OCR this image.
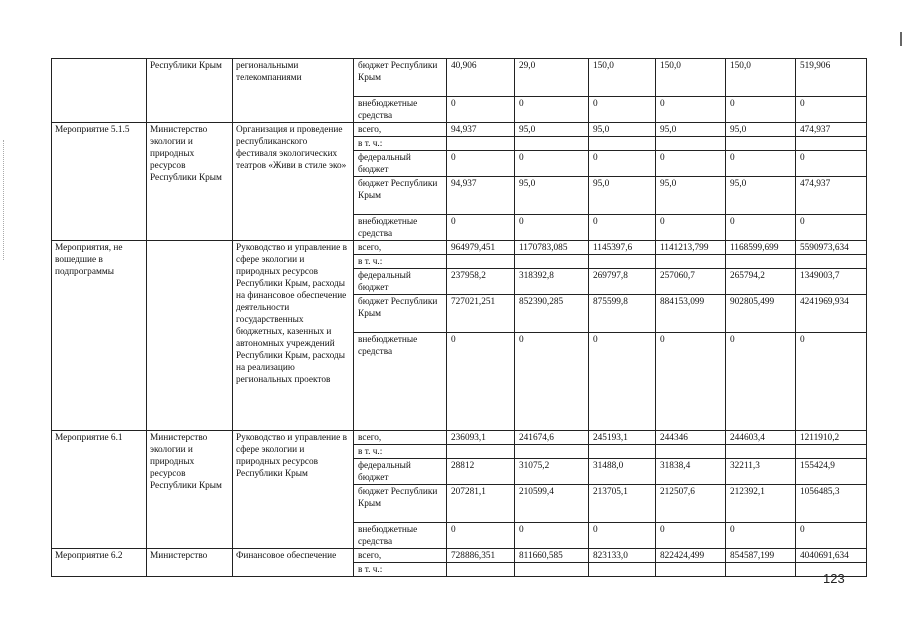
	Республики Крым	региональными телекомпаниями	бюджет Республики Крым	40,906	29,0	150,0	150,0	150,0	519,906
			внебюджетные средства	0	0	0	0	0	0
Мероприятие 5.1.5	Министерство экологии и природных ресурсов Республики Крым	Организация и проведение республиканского фестиваля экологических театров «Живи в стиле эко»	всего,	94,937	95,0	95,0	95,0	95,0	474,937
			в т. ч.:						
			федеральный бюджет	0	0	0	0	0	0
			бюджет Республики Крым	94,937	95,0	95,0	95,0	95,0	474,937
			внебюджетные средства	0	0	0	0	0	0
Мероприятия, не вошедшие в подпрограммы		Руководство и управление в сфере экологии и природных ресурсов Республики Крым, расходы на финансовое обеспечение деятельности государственных бюджетных, казенных и автономных учреждений Республики Крым, расходы на реализацию региональных проектов	всего,	964979,451	1170783,085	1145397,6	1141213,799	1168599,699	5590973,634
			в т. ч.:						
			федеральный бюджет	237958,2	318392,8	269797,8	257060,7	265794,2	1349003,7
			бюджет Республики Крым	727021,251	852390,285	875599,8	884153,099	902805,499	4241969,934
			внебюджетные средства	0	0	0	0	0	0
Мероприятие 6.1	Министерство экологии и природных ресурсов Республики Крым	Руководство и управление в сфере экологии и природных ресурсов Республики Крым	всего,	236093,1	241674,6	245193,1	244346	244603,4	1211910,2
			в т. ч.:						
			федеральный бюджет	28812	31075,2	31488,0	31838,4	32211,3	155424,9
			бюджет Республики Крым	207281,1	210599,4	213705,1	212507,6	212392,1	1056485,3
			внебюджетные средства	0	0	0	0	0	0
Мероприятие 6.2	Министерство	Финансовое обеспечение	всего,	728886,351	811660,585	823133,0	822424,499	854587,199	4040691,634
			в т. ч.:						
123
